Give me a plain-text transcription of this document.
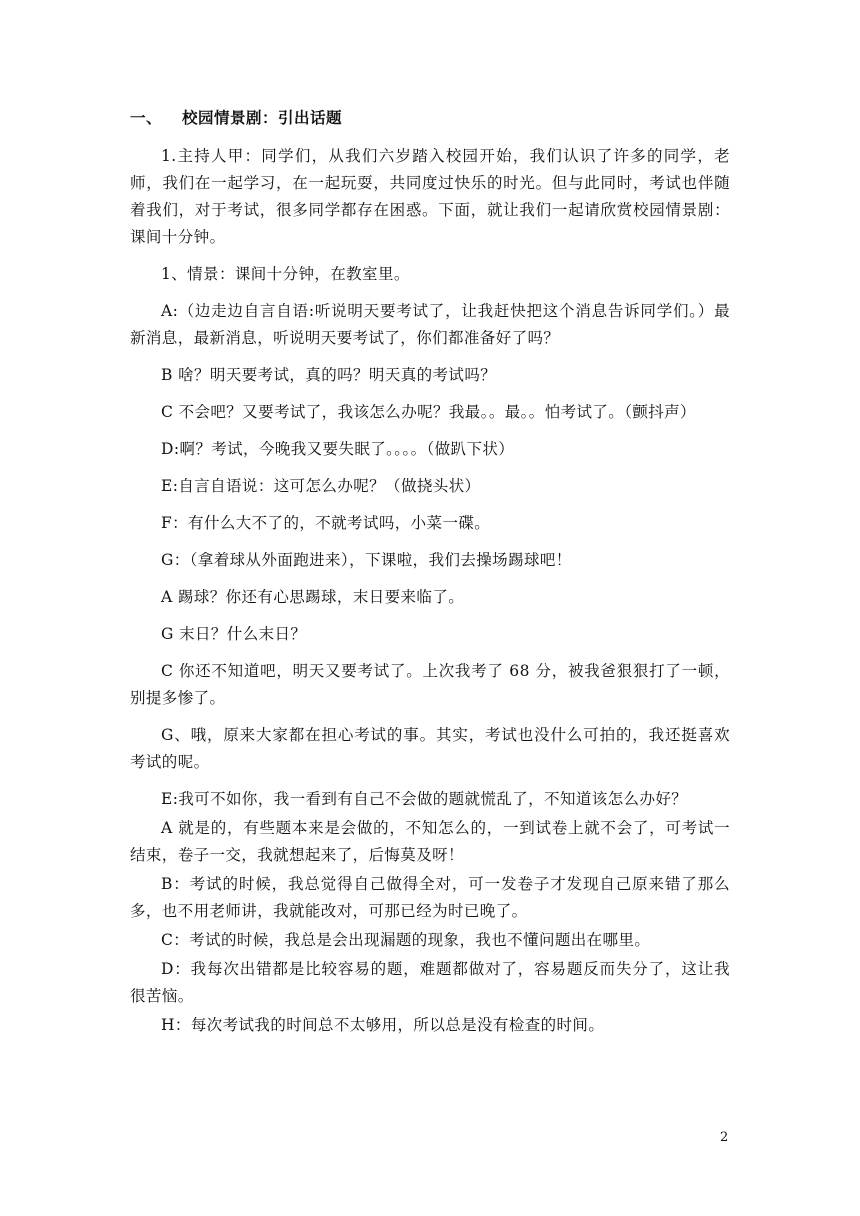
一、 校园情景剧：引出话题

1.主持人甲：同学们，从我们六岁踏入校园开始，我们认识了许多的同学，老师，我们在一起学习，在一起玩耍，共同度过快乐的时光。但与此同时，考试也伴随着我们，对于考试，很多同学都存在困惑。下面，就让我们一起请欣赏校园情景剧：课间十分钟。

1、情景：课间十分钟，在教室里。

A:（边走边自言自语:听说明天要考试了，让我赶快把这个消息告诉同学们。）最新消息，最新消息，听说明天要考试了，你们都准备好了吗？

B 啥？明天要考试，真的吗？明天真的考试吗？

C 不会吧？又要考试了，我该怎么办呢？我最。。最。。怕考试了。（颤抖声）

D:啊？考试，今晚我又要失眠了。。。。（做趴下状）

E:自言自语说：这可怎么办呢？（做挠头状）

F：有什么大不了的，不就考试吗，小菜一碟。

G：（拿着球从外面跑进来），下课啦，我们去操场踢球吧！

A 踢球？你还有心思踢球，末日要来临了。

G 末日？什么末日？

C 你还不知道吧，明天又要考试了。上次我考了 68 分，被我爸狠狠打了一顿，别提多惨了。

G、哦，原来大家都在担心考试的事。其实，考试也没什么可拍的，我还挺喜欢考试的呢。

E:我可不如你，我一看到有自己不会做的题就慌乱了，不知道该怎么办好？

A 就是的，有些题本来是会做的，不知怎么的，一到试卷上就不会了，可考试一结束，卷子一交，我就想起来了，后悔莫及呀！

B：考试的时候，我总觉得自己做得全对，可一发卷子才发现自己原来错了那么多，也不用老师讲，我就能改对，可那已经为时已晚了。

C：考试的时候，我总是会出现漏题的现象，我也不懂问题出在哪里。

D：我每次出错都是比较容易的题，难题都做对了，容易题反而失分了，这让我很苦恼。

H：每次考试我的时间总不太够用，所以总是没有检查的时间。

2
